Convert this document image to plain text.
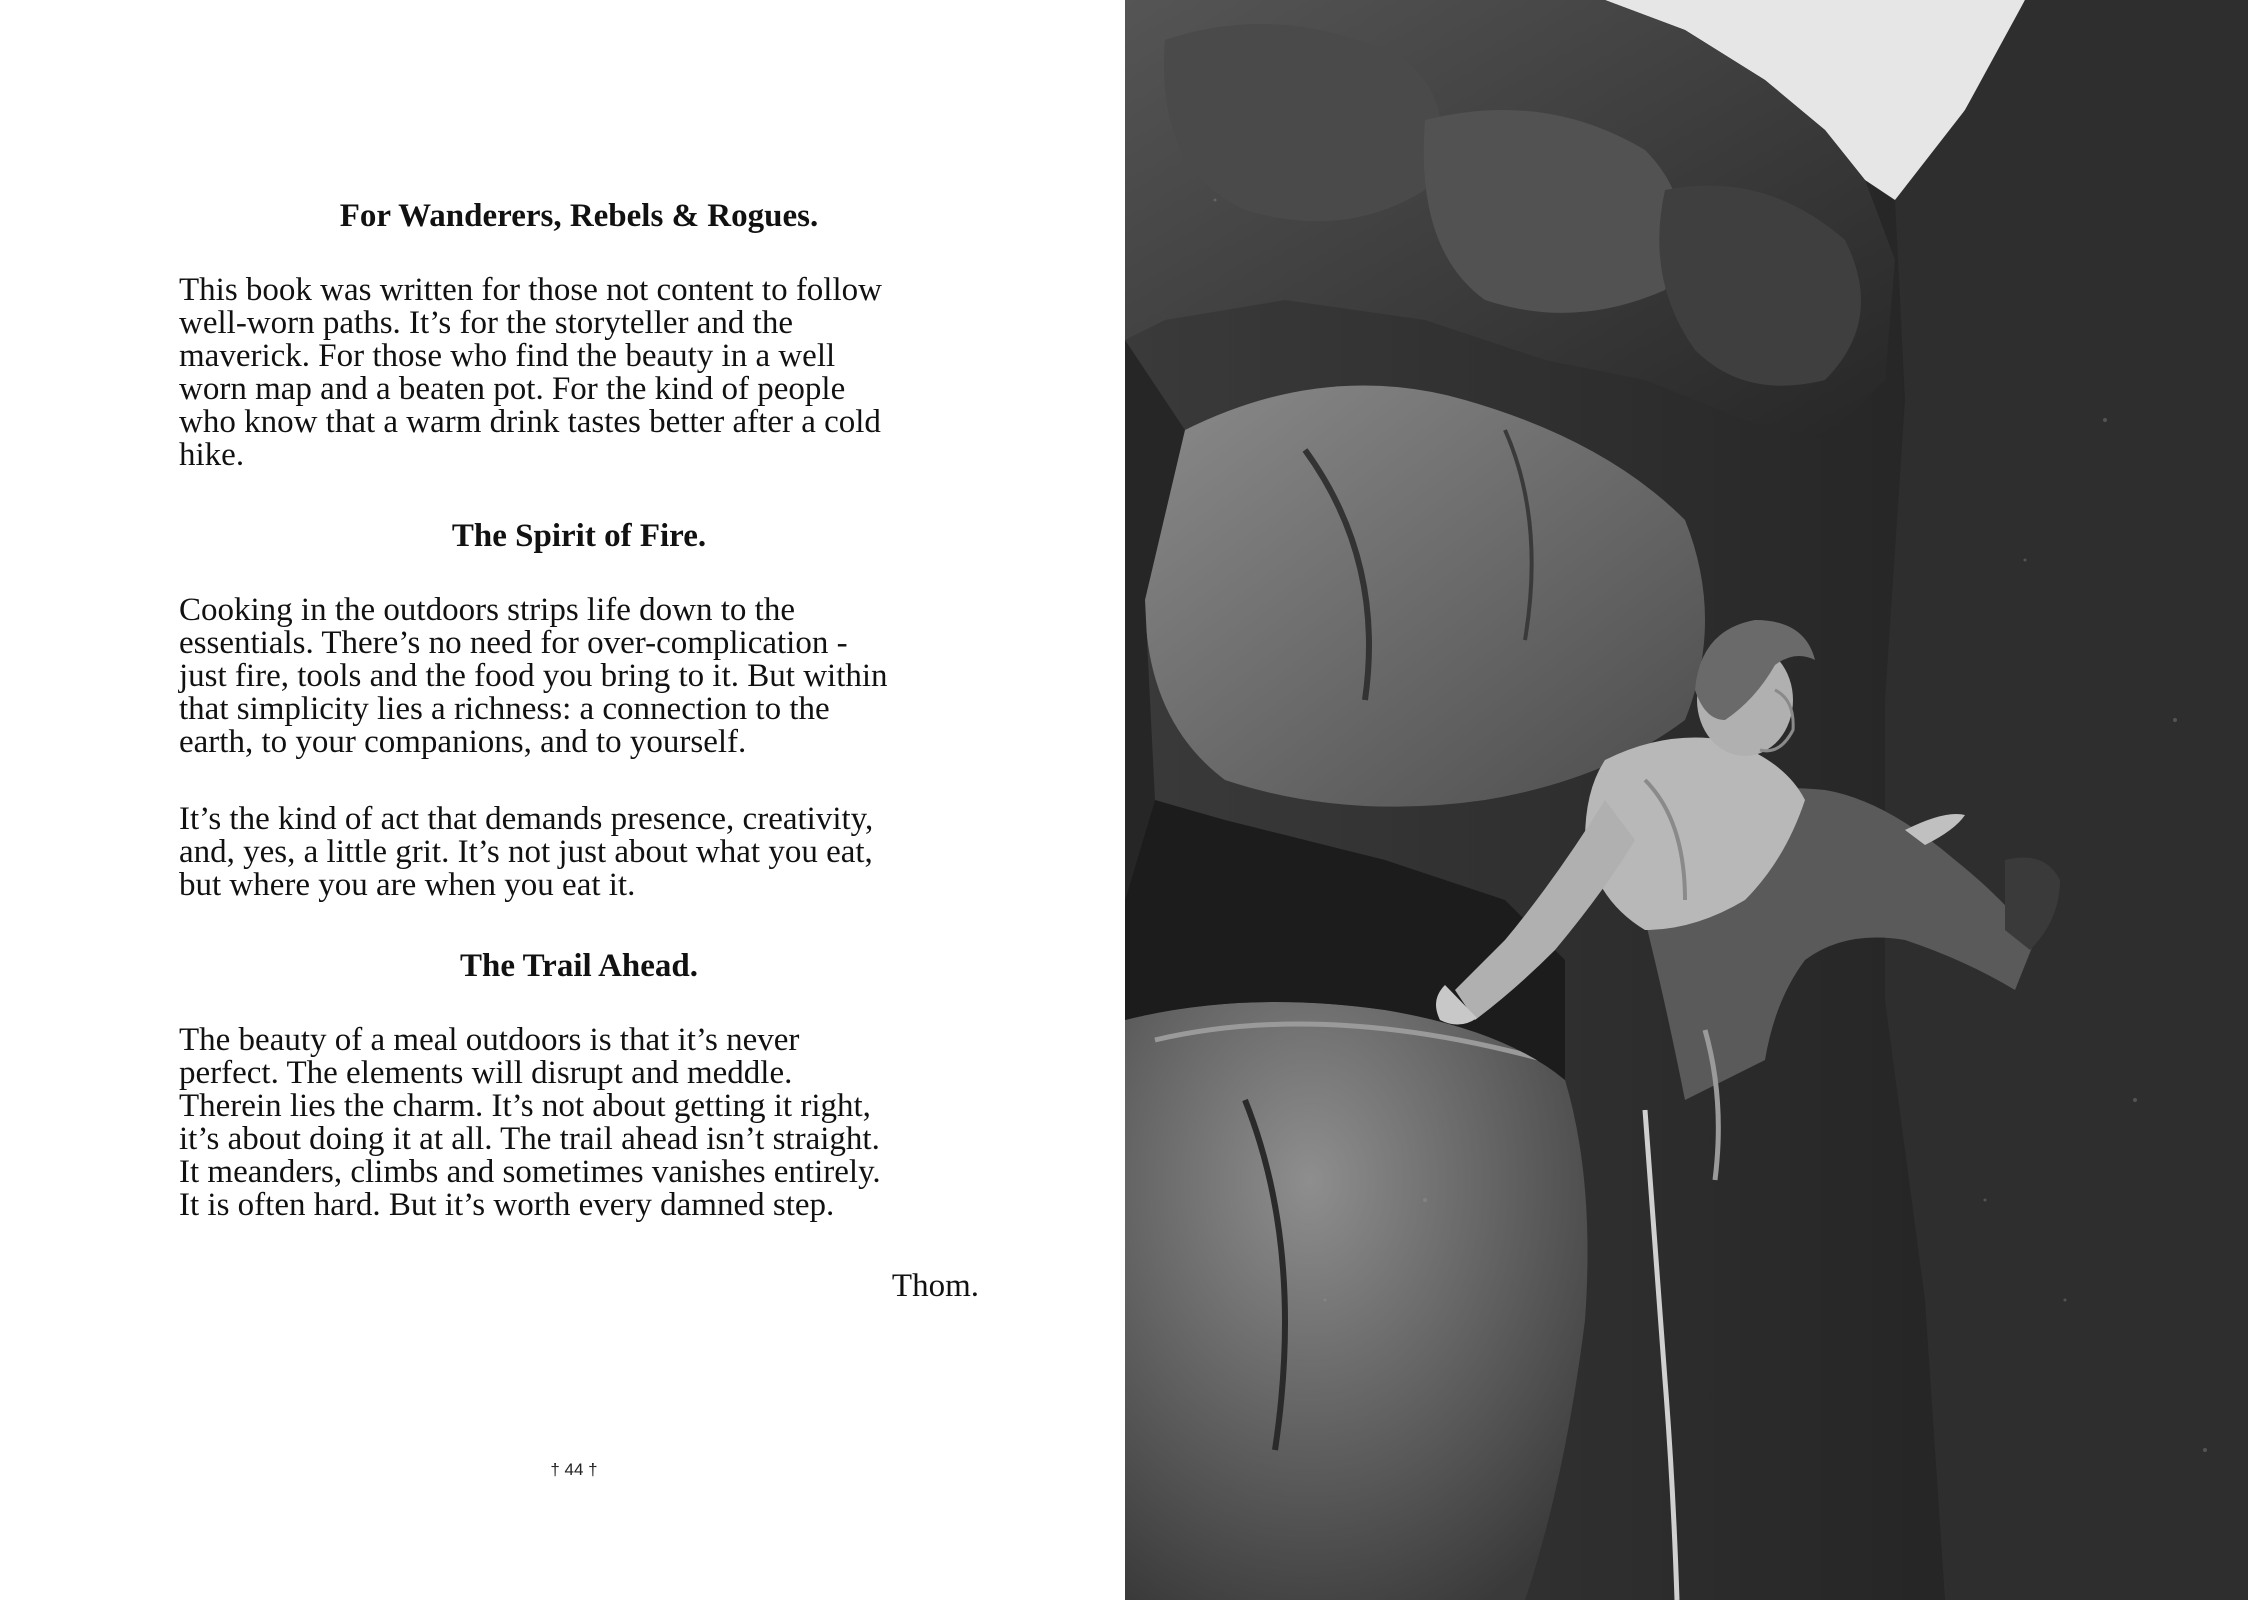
For Wanderers, Rebels & Rogues.

This book was written for those not content to follow
well-worn paths. It’s for the storyteller and the
maverick. For those who find the beauty in a well
worn map and a beaten pot. For the kind of people
who know that a warm drink tastes better after a cold
hike.

The Spirit of Fire.

Cooking in the outdoors strips life down to the
essentials. There’s no need for over-complication -
just fire, tools and the food you bring to it. But within
that simplicity lies a richness: a connection to the
earth, to your companions, and to yourself.

It’s the kind of act that demands presence, creativity,
and, yes, a little grit. It’s not just about what you eat,
but where you are when you eat it.

The Trail Ahead.

The beauty of a meal outdoors is that it’s never
perfect. The elements will disrupt and meddle.
Therein lies the charm. It’s not about getting it right,
it’s about doing it at all. The trail ahead isn’t straight.
It meanders, climbs and sometimes vanishes entirely.
It is often hard. But it’s worth every damned step.

Thom.

† 44 †
